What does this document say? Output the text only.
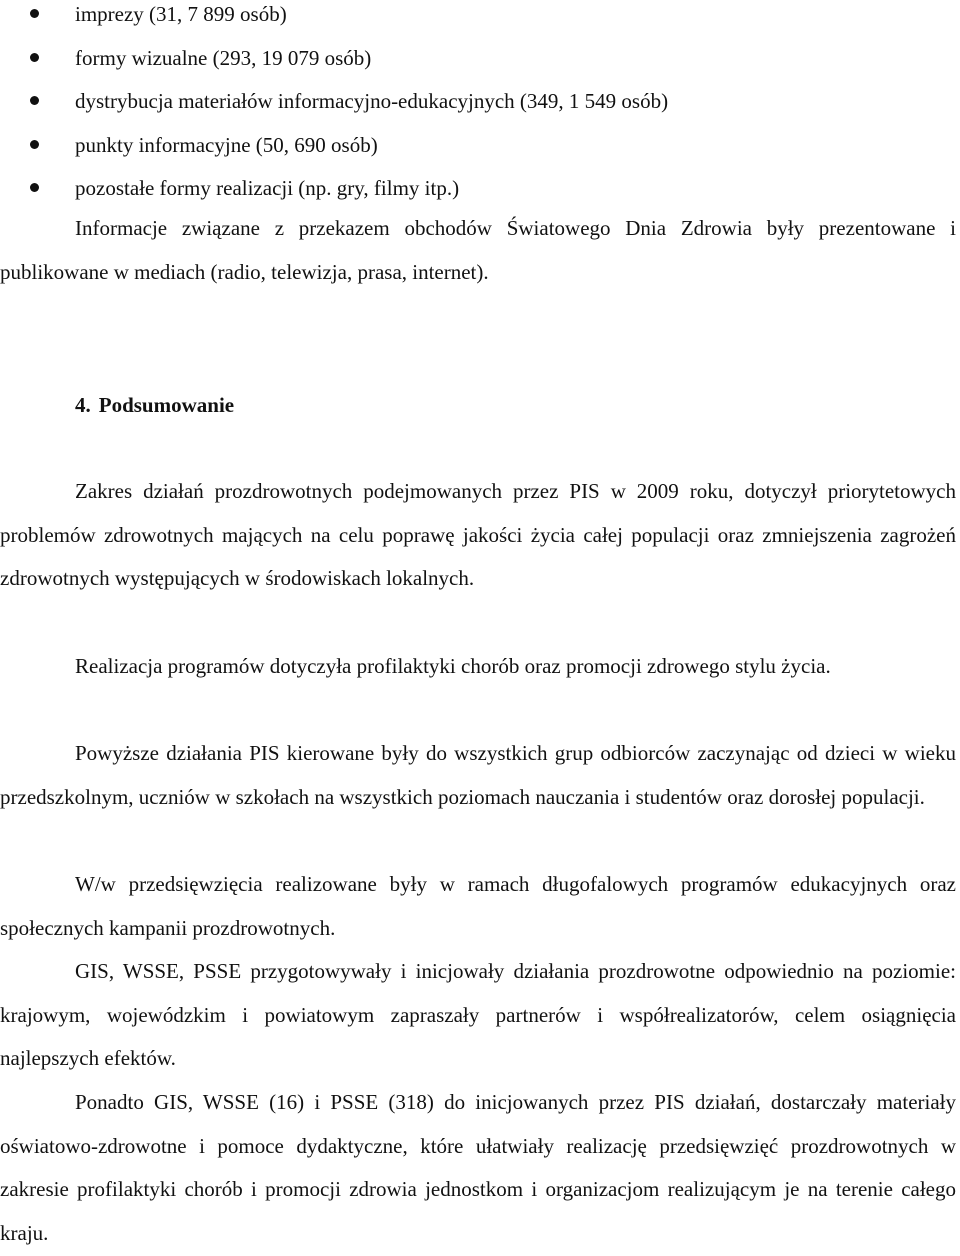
imprezy (31, 7 899 osób)
formy wizualne (293, 19 079 osób)
dystrybucja materiałów informacyjno-edukacyjnych (349, 1 549 osób)
punkty informacyjne (50, 690 osób)
pozostałe formy realizacji (np. gry, filmy itp.)

Informacje związane z przekazem obchodów Światowego Dnia Zdrowia były prezentowane i publikowane w mediach (radio, telewizja, prasa, internet).

4. Podsumowanie

Zakres działań prozdrowotnych podejmowanych przez PIS w 2009 roku, dotyczył priorytetowych problemów zdrowotnych mających na celu poprawę jakości życia całej populacji oraz zmniejszenia zagrożeń zdrowotnych występujących w środowiskach lokalnych.

Realizacja programów dotyczyła profilaktyki chorób oraz promocji zdrowego stylu życia.

Powyższe działania PIS kierowane były do wszystkich grup odbiorców zaczynając od dzieci w wieku przedszkolnym, uczniów w szkołach na wszystkich poziomach nauczania i studentów oraz dorosłej populacji.

W/w przedsięwzięcia realizowane były w ramach długofalowych programów edukacyjnych oraz społecznych kampanii prozdrowotnych.

GIS, WSSE, PSSE przygotowywały i inicjowały działania prozdrowotne odpowiednio na poziomie: krajowym, wojewódzkim i powiatowym zapraszały partnerów i współrealizatorów, celem osiągnięcia najlepszych efektów.

Ponadto GIS, WSSE (16) i PSSE (318) do inicjowanych przez PIS działań, dostarczały materiały oświatowo-zdrowotne i pomoce dydaktyczne, które ułatwiały realizację przedsięwzięć prozdrowotnych w zakresie profilaktyki chorób i promocji zdrowia jednostkom i organizacjom realizującym je na terenie całego kraju.
